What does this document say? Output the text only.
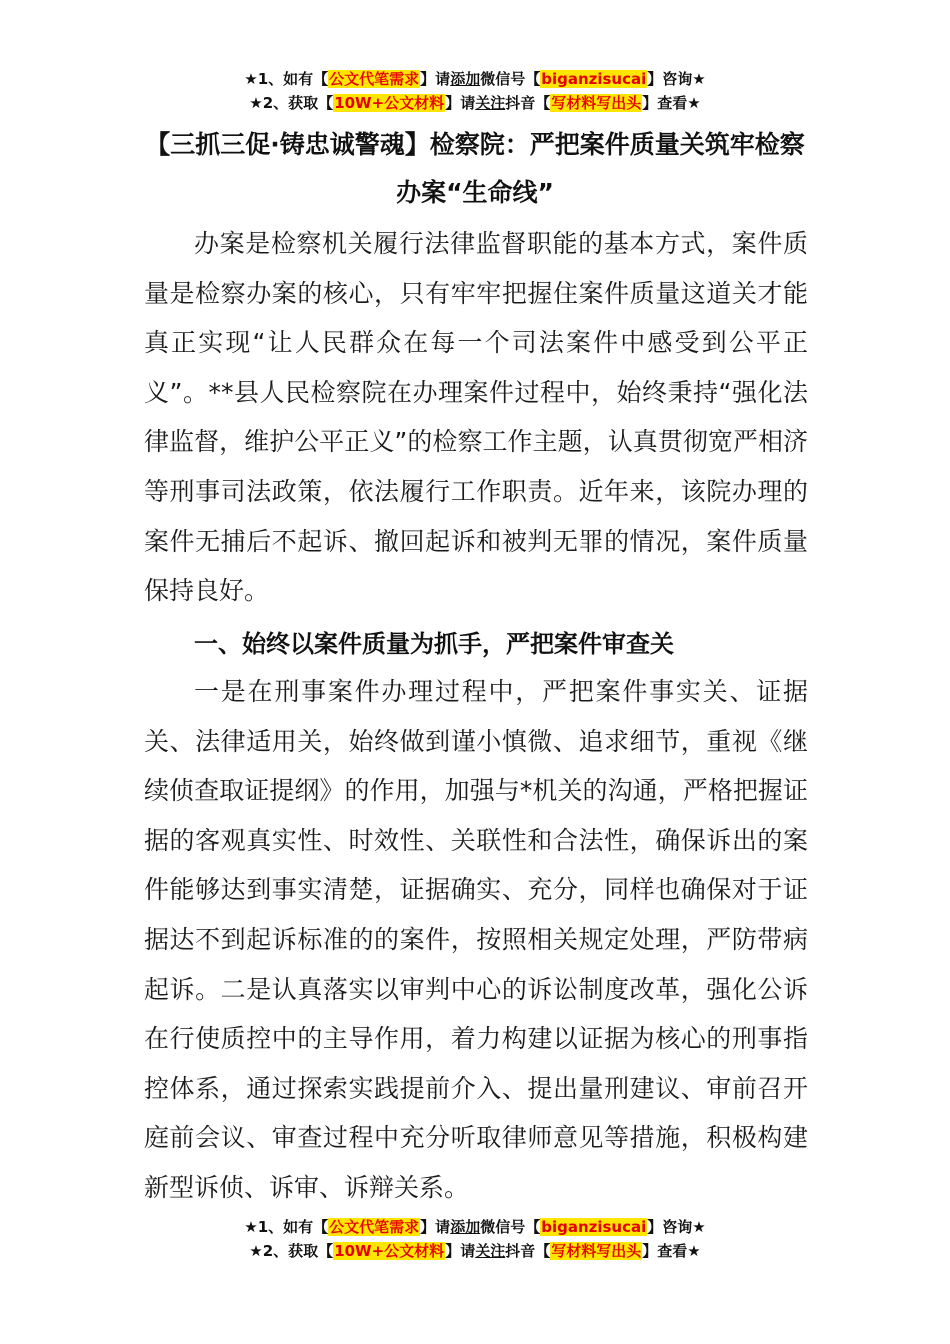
★1、如有【公文代笔需求】请添加微信号【biganzisucai】咨询★
★2、获取【10W+公文材料】请关注抖音【写材料写出头】查看★
【三抓三促·铸忠诚警魂】检察院：严把案件质量关筑牢检察办案“生命线”
办案是检察机关履行法律监督职能的基本方式，案件质量是检察办案的核心，只有牢牢把握住案件质量这道关才能真正实现“让人民群众在每一个司法案件中感受到公平正义”。**县人民检察院在办理案件过程中，始终秉持“强化法律监督，维护公平正义”的检察工作主题，认真贯彻宽严相济等刑事司法政策，依法履行工作职责。近年来，该院办理的案件无捕后不起诉、撤回起诉和被判无罪的情况，案件质量保持良好。
一、始终以案件质量为抓手，严把案件审查关
一是在刑事案件办理过程中，严把案件事实关、证据关、法律适用关，始终做到谨小慎微、追求细节，重视《继续侦查取证提纲》的作用，加强与*机关的沟通，严格把握证据的客观真实性、时效性、关联性和合法性，确保诉出的案件能够达到事实清楚，证据确实、充分，同样也确保对于证据达不到起诉标准的的案件，按照相关规定处理，严防带病起诉。二是认真落实以审判中心的诉讼制度改革，强化公诉在行使质控中的主导作用，着力构建以证据为核心的刑事指控体系，通过探索实践提前介入、提出量刑建议、审前召开庭前会议、审查过程中充分听取律师意见等措施，积极构建新型诉侦、诉审、诉辩关系。
★1、如有【公文代笔需求】请添加微信号【biganzisucai】咨询★
★2、获取【10W+公文材料】请关注抖音【写材料写出头】查看★
